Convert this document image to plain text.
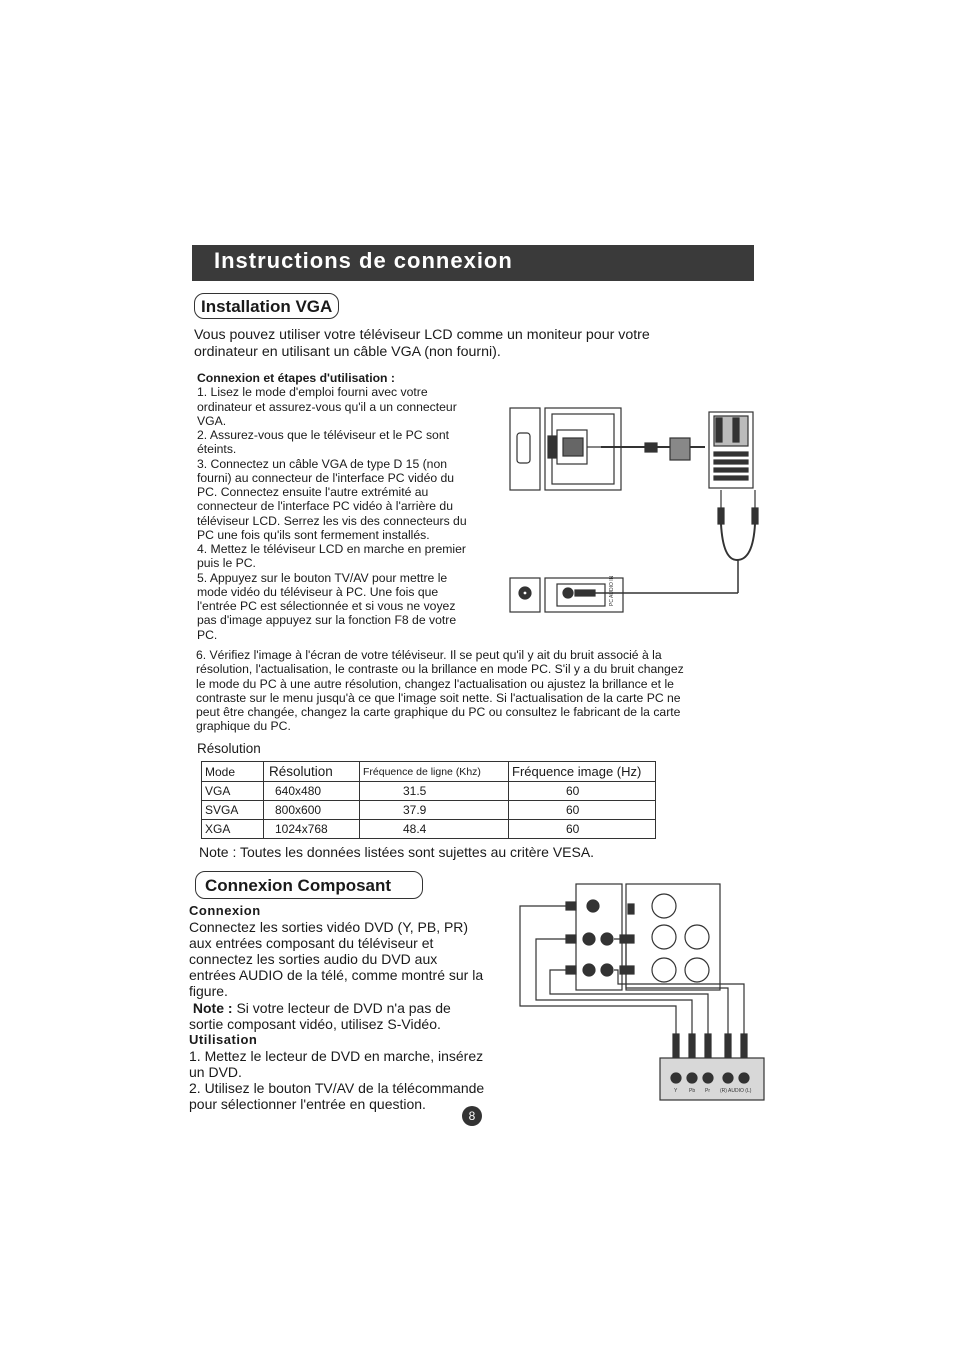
Instructions de connexion
Installation VGA
Vous pouvez utiliser votre téléviseur LCD comme un moniteur pour votre
ordinateur en utilisant un câble VGA (non fourni).
Connexion et étapes d'utilisation :
1. Lisez le mode d'emploi fourni avec votre
ordinateur et assurez-vous qu'il a un connecteur
VGA.
2. Assurez-vous que le téléviseur et le PC sont
éteints.
3. Connectez un câble VGA de type D 15 (non
fourni) au connecteur de l'interface PC vidéo du
PC. Connectez ensuite l'autre extrémité au
connecteur de l'interface PC vidéo à l'arrière du
téléviseur LCD. Serrez les vis des connecteurs du
PC une fois qu'ils sont fermement installés.
4. Mettez le téléviseur LCD en marche en premier
puis le PC.
5. Appuyez sur le bouton TV/AV pour mettre le
mode vidéo du téléviseur à PC. Une fois que
l'entrée PC est sélectionnée et si vous ne voyez
pas d'image appuyez sur la fonction F8 de votre
PC.
PC AUDIO IN
6. Vérifiez l'image à l'écran de votre téléviseur. Il se peut qu'il y ait du bruit associé à la
résolution, l'actualisation, le contraste ou la brillance en mode PC. S'il y a du bruit changez
le mode du PC à une autre résolution, changez l'actualisation ou ajustez la brillance et le
contraste sur le menu jusqu'à ce que l'image soit nette. Si l'actualisation de la carte PC ne
peut être changée, changez la carte graphique du PC ou consultez le fabricant de la carte
graphique du PC.
Résolution
Mode	Résolution	Fréquence de ligne (Khz)	Fréquence image (Hz)
VGA	640x480	31.5	60
SVGA	800x600	37.9	60
XGA	1024x768	48.4	60
Note : Toutes les données listées sont sujettes au critère VESA.
Connexion Composant
Connexion
Connectez les sorties vidéo DVD (Y, PB, PR)
aux entrées composant du téléviseur et
connectez les sorties audio du DVD aux
entrées AUDIO de la télé, comme montré sur la
figure.
Note : Si votre lecteur de DVD n'a pas de
sortie composant vidéo, utilisez S-Vidéo.
Utilisation
1. Mettez le lecteur de DVD en marche, insérez
un DVD.
2. Utilisez le bouton TV/AV de la télécommande
pour sélectionner l'entrée en question.
Y Pb Pr (R) AUDIO (L)
8
